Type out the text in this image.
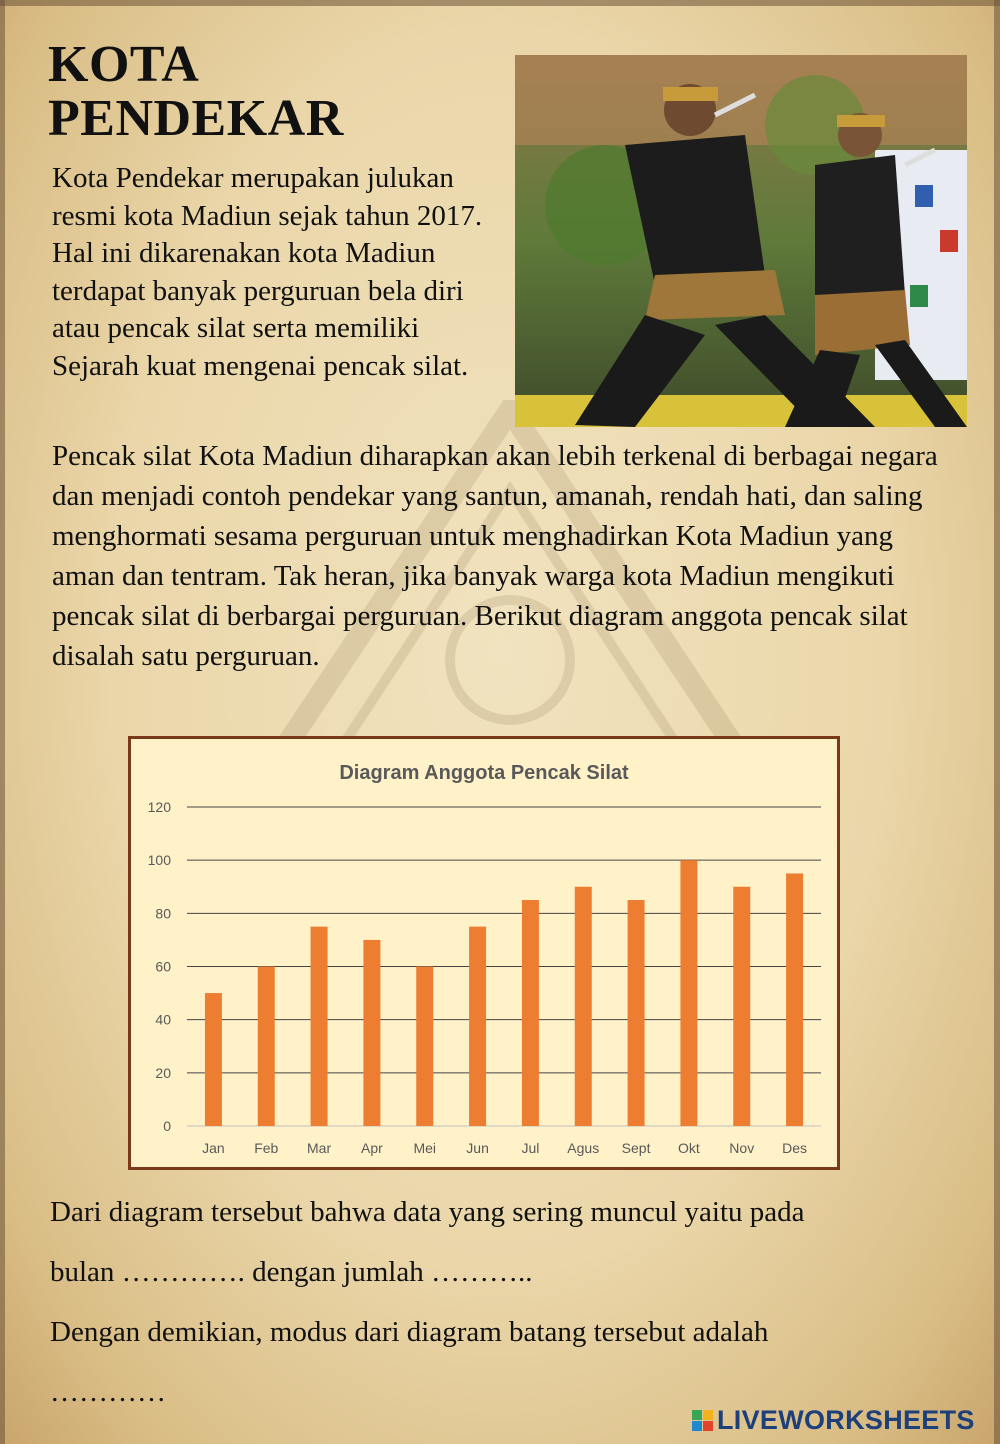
KOTA
PENDEKAR
Kota Pendekar merupakan julukan resmi kota Madiun sejak tahun 2017. Hal ini dikarenakan kota Madiun terdapat banyak perguruan bela diri atau pencak silat serta memiliki Sejarah kuat mengenai pencak silat.
Pencak silat Kota Madiun diharapkan akan lebih terkenal di berbagai negara dan menjadi contoh pendekar yang santun, amanah, rendah hati, dan saling menghormati sesama perguruan untuk menghadirkan Kota Madiun yang aman dan tentram. Tak heran, jika banyak warga kota Madiun mengikuti pencak silat di berbargai perguruan. Berikut diagram anggota pencak silat disalah satu perguruan.
Diagram Anggota Pencak Silat
0
20
40
60
80
100
120
Jan Feb Mar Apr Mei Jun Jul Agus Sept Okt Nov Des
Dari diagram tersebut bahwa data yang sering muncul yaitu pada
bulan …………. dengan jumlah ………..
Dengan demikian, modus dari diagram batang tersebut adalah
…………
LIVEWORKSHEETS
